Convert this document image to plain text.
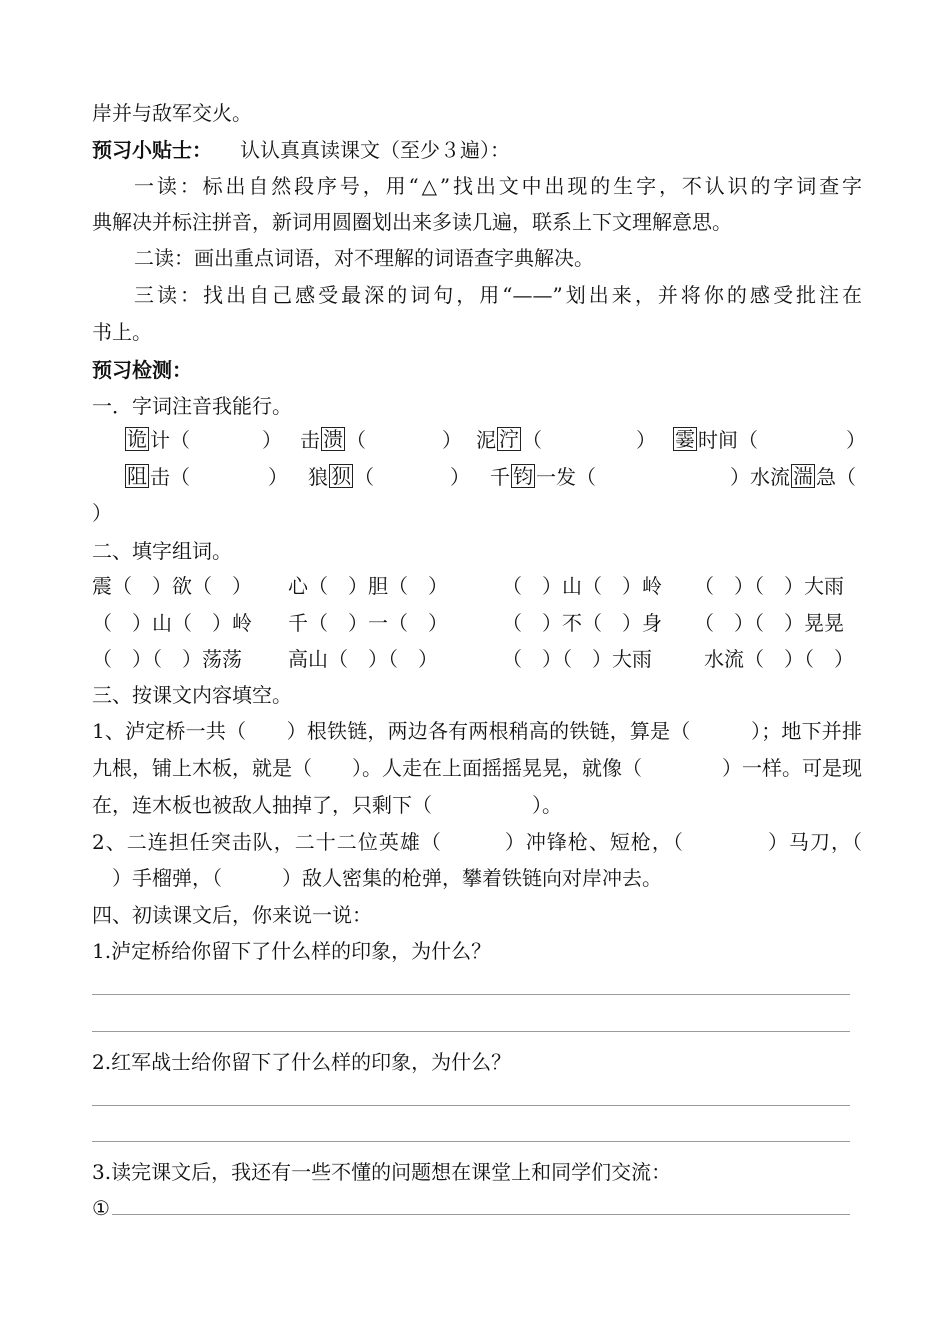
岸并与敌军交火。
预习小贴士：	认认真真读课文（至少３遍）：
一读：标出自然段序号，用“△”找出文中出现的生字，不认识的字词查字
典解决并标注拼音，新词用圆圈划出来多读几遍，联系上下文理解意思。
二读：画出重点词语，对不理解的词语查字典解决。
三读：找出自己感受最深的词句，用“——”划出来，并将你的感受批注在
书上。
预习检测：
一．字词注音我能行。
诡 计（	） 击 溃 （	） 泥 泞 （	） 霎 时间（	）
阻 击（	） 狼 狈 （	） 千 钧 一发（	）水流 湍 急（
）
二、填字组词。
震（　）欲（　） 心（　）胆（　）	（　）山（　）岭 （　）（　）大雨
（　）山（　）岭 千（　）一（　）	（　）不（　）身 （　）（　）晃晃
（　）（　）荡荡 高山（　）（　）	（　）（　）大雨	水流（　）（　）
三、按课文内容填空。
1、泸定桥一共（　　）根铁链，两边各有两根稍高的铁链，算是（　　　）；地下并排
九根，铺上木板，就是（　　）。人走在上面摇摇晃晃，就像（　　　　）一样。可是现
在，连木板也被敌人抽掉了，只剩下（　　　　　）。
2、二连担任突击队，二十二位英雄（　　　）冲锋枪、短枪，（　　　　）马刀，（
　）手榴弹，（　　　）敌人密集的枪弹，攀着铁链向对岸冲去。
四、初读课文后，你来说一说：
1.泸定桥给你留下了什么样的印象，为什么？
2.红军战士给你留下了什么样的印象，为什么？
3.读完课文后，我还有一些不懂的问题想在课堂上和同学们交流：
①
